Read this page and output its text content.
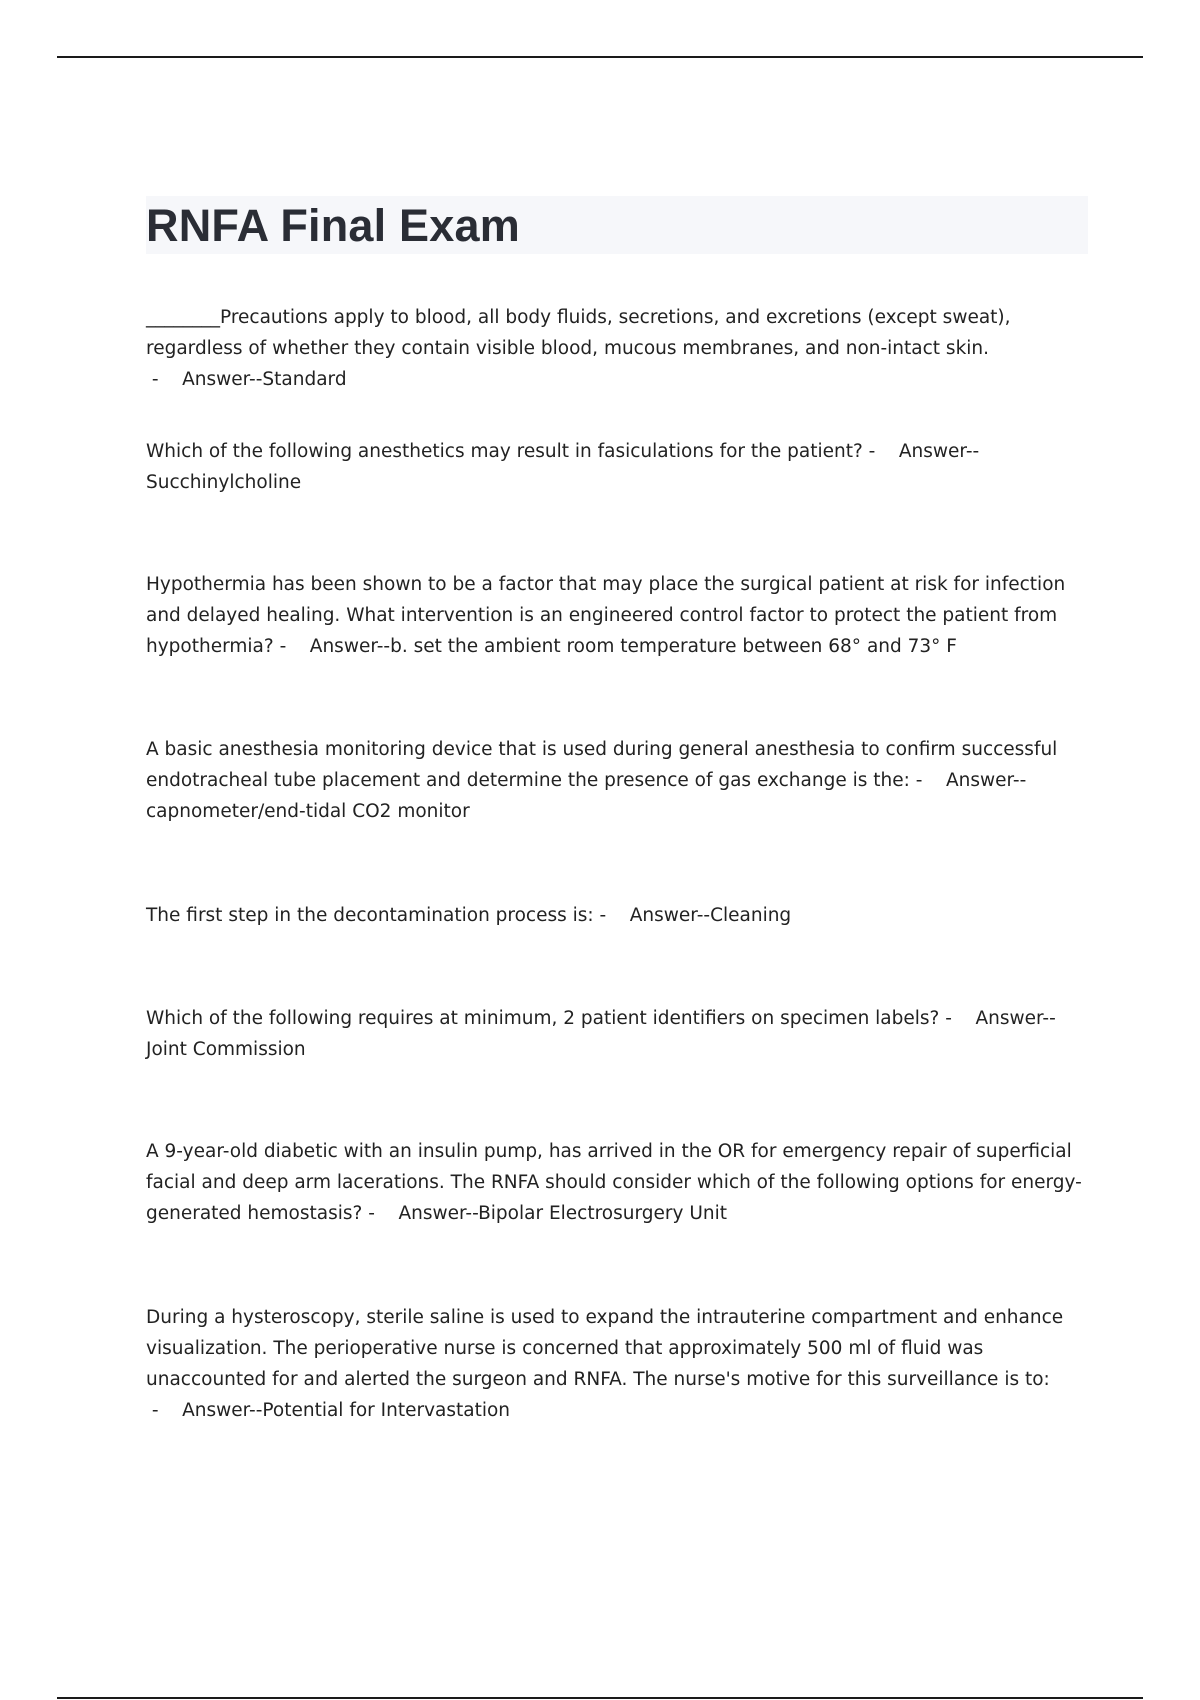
RNFA Final Exam

________Precautions apply to blood, all body fluids, secretions, and excretions (except sweat), regardless of whether they contain visible blood, mucous membranes, and non-intact skin. -    Answer--Standard

Which of the following anesthetics may result in fasiculations for the patient? -    Answer--Succhinylcholine

Hypothermia has been shown to be a factor that may place the surgical patient at risk for infection and delayed healing. What intervention is an engineered control factor to protect the patient from hypothermia? -    Answer--b. set the ambient room temperature between 68° and 73° F

A basic anesthesia monitoring device that is used during general anesthesia to confirm successful endotracheal tube placement and determine the presence of gas exchange is the: -    Answer--capnometer/end-tidal CO2 monitor

The first step in the decontamination process is: -    Answer--Cleaning

Which of the following requires at minimum, 2 patient identifiers on specimen labels? -    Answer--Joint Commission

A 9-year-old diabetic with an insulin pump, has arrived in the OR for emergency repair of superficial facial and deep arm lacerations. The RNFA should consider which of the following options for energy-generated hemostasis? -    Answer--Bipolar Electrosurgery Unit

During a hysteroscopy, sterile saline is used to expand the intrauterine compartment and enhance visualization. The perioperative nurse is concerned that approximately 500 ml of fluid was unaccounted for and alerted the surgeon and RNFA. The nurse's motive for this surveillance is to: -    Answer--Potential for Intervastation
